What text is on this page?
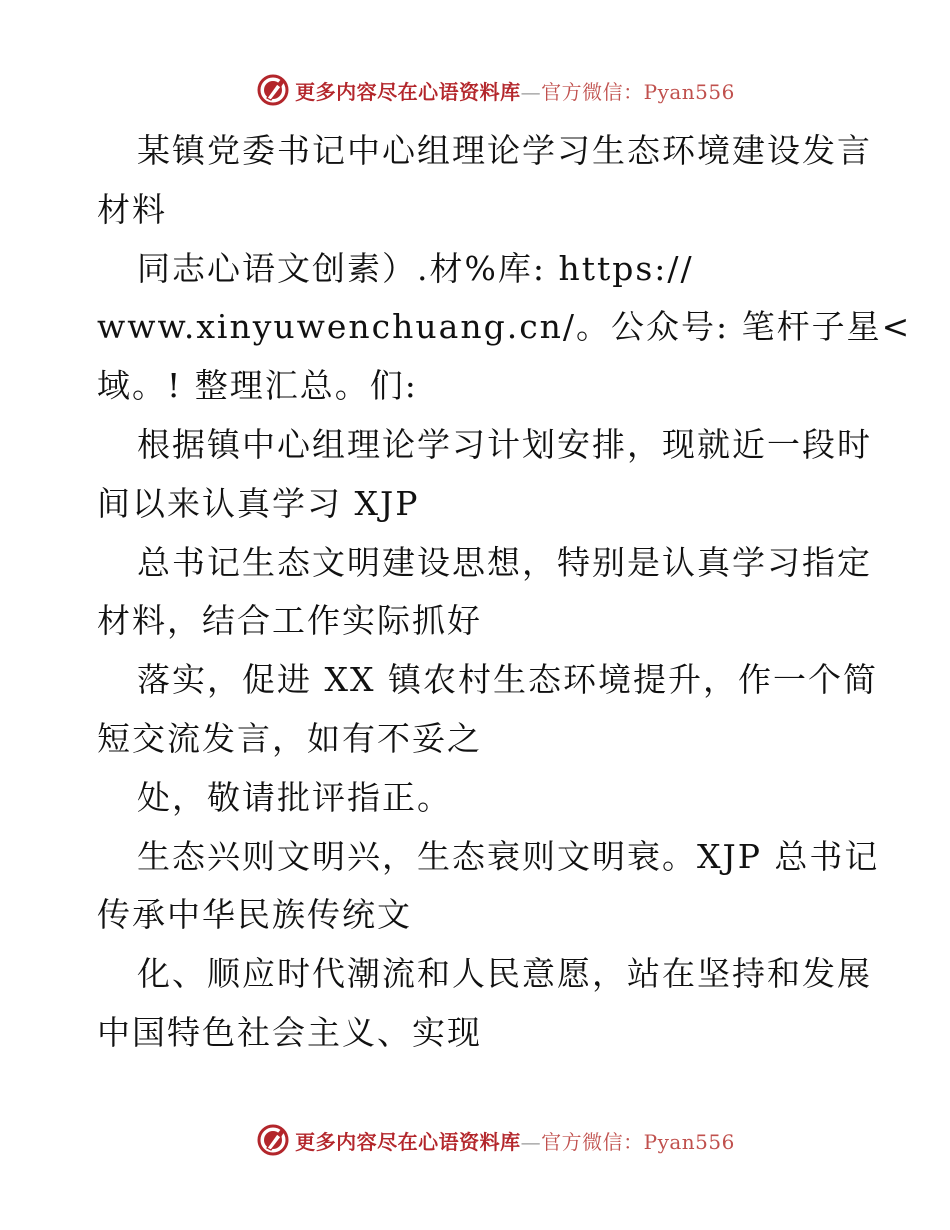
更多内容尽在心语资料库—官方微信：Pyan556
某镇党委书记中心组理论学习生态环境建设发言
材料
同志心语文创素）.材%库: https://
www.xinyuwenchuang.cn/。公众号: 笔杆子星<
域。! 整理汇总。们:
根据镇中心组理论学习计划安排，现就近一段时
间以来认真学习 XJP
总书记生态文明建设思想，特别是认真学习指定
材料，结合工作实际抓好
落实，促进 XX 镇农村生态环境提升，作一个简
短交流发言，如有不妥之
处，敬请批评指正。
生态兴则文明兴，生态衰则文明衰。XJP 总书记
传承中华民族传统文
化、顺应时代潮流和人民意愿，站在坚持和发展
中国特色社会主义、实现
更多内容尽在心语资料库—官方微信：Pyan556
